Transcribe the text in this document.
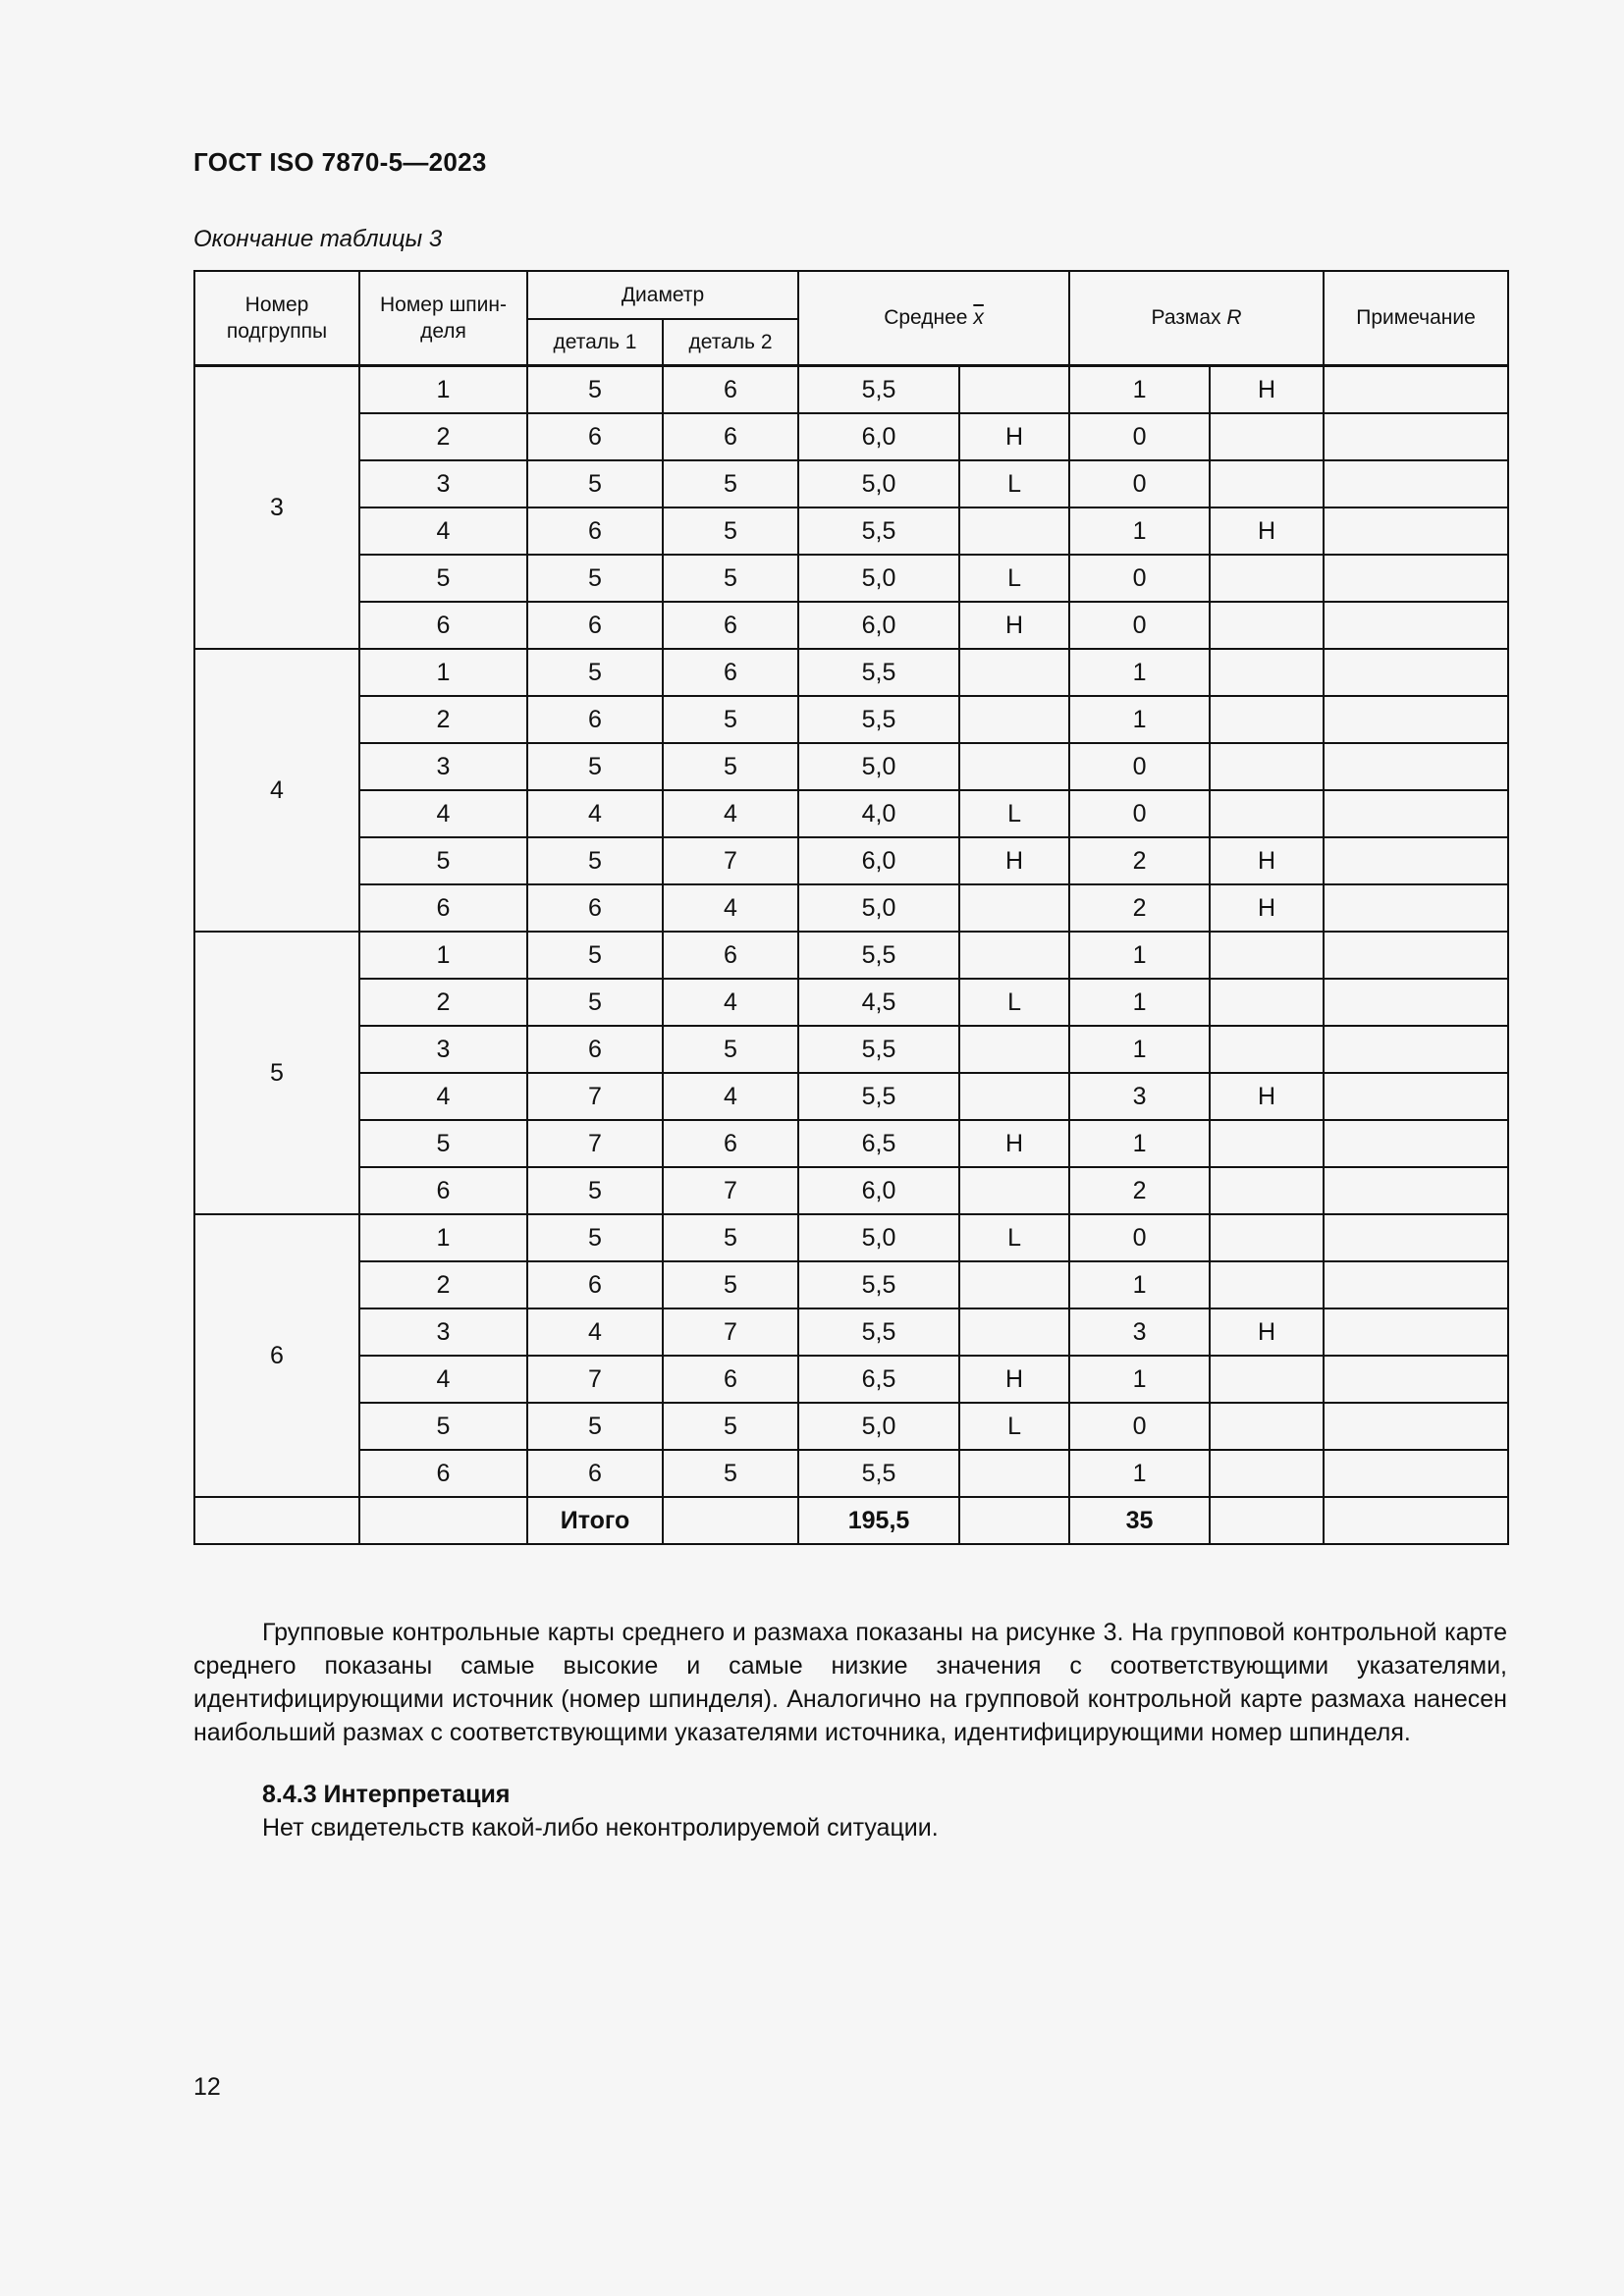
ГОСТ ISO 7870-5—2023
Окончание таблицы 3
Номер подгруппы	Номер шпин-деля	Диаметр		Среднее $\overline{x}$		Размах R		Примечание
		деталь 1	деталь 2					
3	1	5	6	5,5		1	H	
	2	6	6	6,0	H	0		
	3	5	5	5,0	L	0		
	4	6	5	5,5		1	H	
	5	5	5	5,0	L	0		
	6	6	6	6,0	H	0		
4	1	5	6	5,5		1		
	2	6	5	5,5		1		
	3	5	5	5,0		0		
	4	4	4	4,0	L	0		
	5	5	7	6,0	H	2	H	
	6	6	4	5,0		2	H	
5	1	5	6	5,5		1		
	2	5	4	4,5	L	1		
	3	6	5	5,5		1		
	4	7	4	5,5		3	H	
	5	7	6	6,5	H	1		
	6	5	7	6,0		2		
6	1	5	5	5,0	L	0		
	2	6	5	5,5		1		
	3	4	7	5,5		3	H	
	4	7	6	6,5	H	1		
	5	5	5	5,0	L	0		
	6	6	5	5,5		1		
		Итого		195,5		35		

Групповые контрольные карты среднего и размаха показаны на рисунке 3. На групповой контрольной карте среднего показаны самые высокие и самые низкие значения с соответствующими указателями, идентифицирующими источник (номер шпинделя). Аналогично на групповой контрольной карте размаха нанесен наибольший размах с соответствующими указателями источника, идентифицирующими номер шпинделя.

8.4.3 Интерпретация
Нет свидетельств какой-либо неконтролируемой ситуации.
12
